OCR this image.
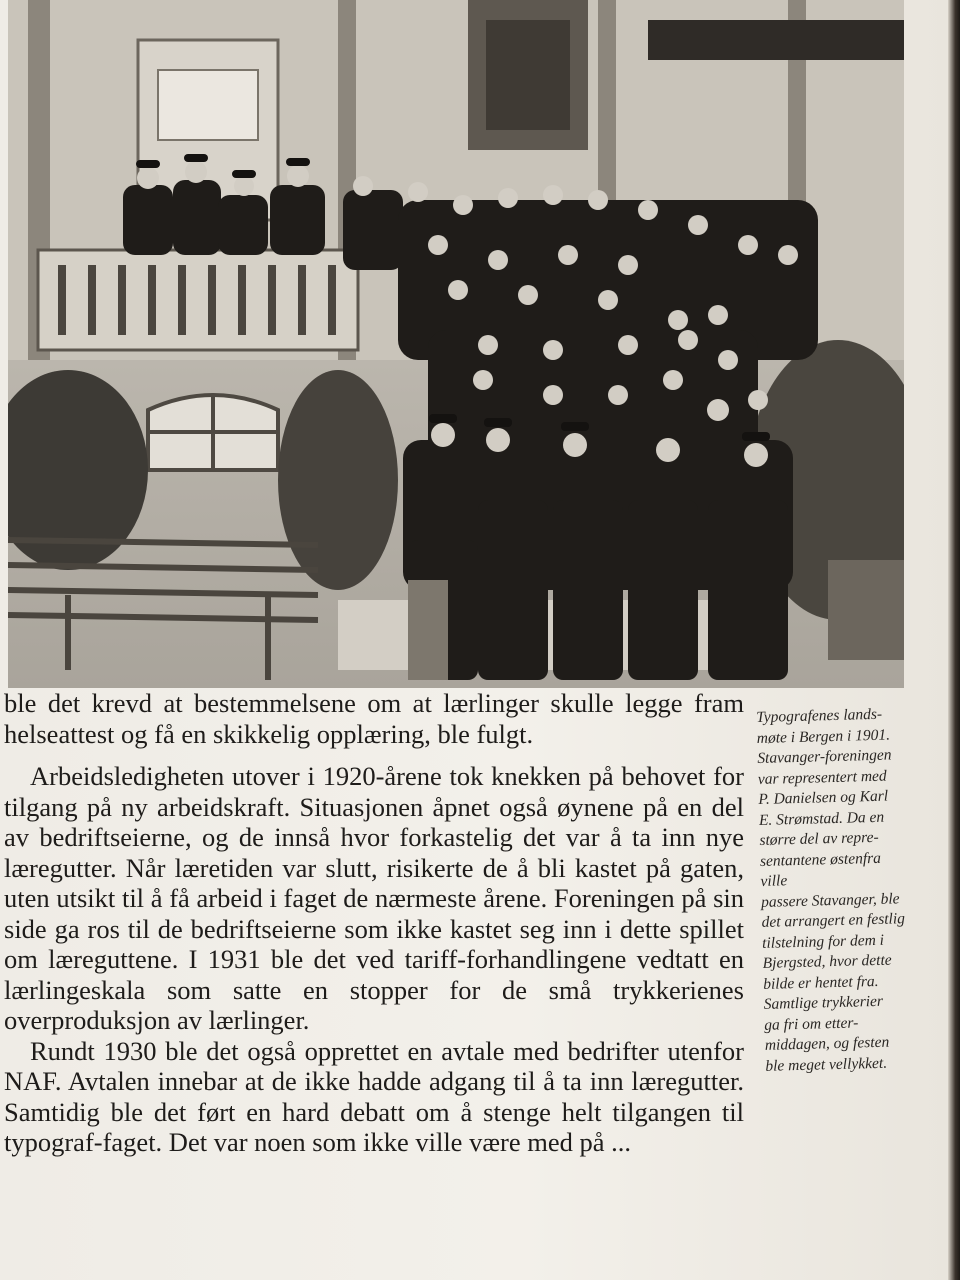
ble det krevd at bestemmelsene om at lærlinger skulle legge fram helseattest og få en skikkelig opplæring, ble fulgt.

Arbeidsledigheten utover i 1920-årene tok knekken på behovet for tilgang på ny arbeidskraft. Situasjonen åpnet også øynene på en del av bedriftseierne, og de innså hvor forkastelig det var å ta inn nye læregutter. Når læretiden var slutt, risikerte de å bli kastet på gaten, uten utsikt til å få arbeid i faget de nærmeste årene. Foreningen på sin side ga ros til de bedriftseierne som ikke kastet seg inn i dette spillet om læreguttene. I 1931 ble det ved tariff-forhandlingene vedtatt en lærlingeskala som satte en stopper for de små trykkerienes overproduksjon av lærlinger.

Rundt 1930 ble det også opprettet en avtale med bedrifter utenfor NAF. Avtalen innebar at de ikke hadde adgang til å ta inn læregutter. Samtidig ble det ført en hard debatt om å stenge helt tilgangen til typograf-faget. Det var noen som ikke ville være med på ...

Typografenes lands-
møte i Bergen i 1901.
Stavanger-foreningen
var representert med
P. Danielsen og Karl
E. Strømstad. Da en
større del av repre-
sentantene østenfra ville
passere Stavanger, ble
det arrangert en festlig
tilstelning for dem i
Bjergsted, hvor dette
bilde er hentet fra.
Samtlige trykkerier
ga fri om etter-
middagen, og festen
ble meget vellykket.
